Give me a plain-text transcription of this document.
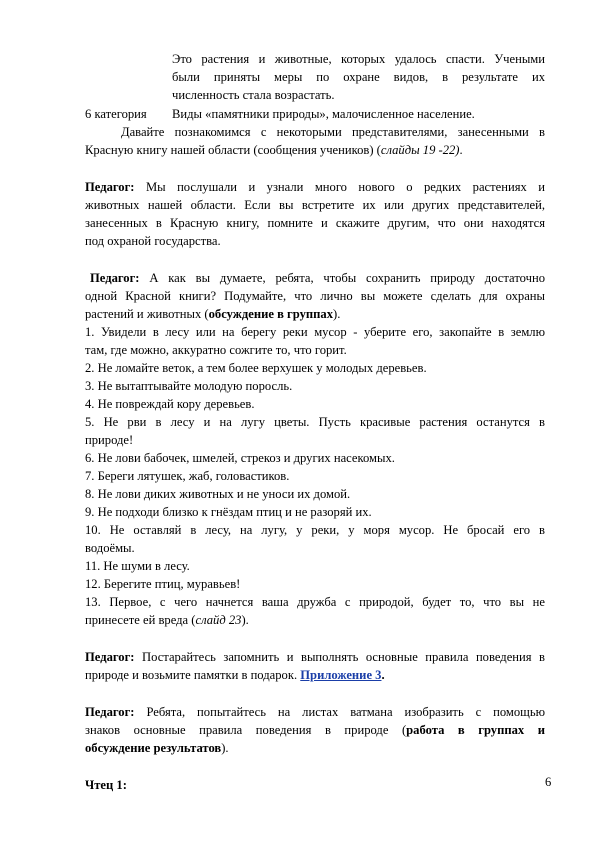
Это растения и животные, которых удалось спасти. Учеными
были приняты меры по охране видов, в результате их
численность стала возрастать.
6 категория Виды «памятники природы», малочисленное население.
Давайте познакомимся с некоторыми представителями, занесенными в
Красную книгу нашей области (сообщения учеников) (слайды 19 -22).
Педагог: Мы послушали и узнали много нового о редких растениях и
животных нашей области. Если вы встретите их или других представителей,
занесенных в Красную книгу, помните и скажите другим, что они находятся
под охраной государства.
Педагог: А как вы думаете, ребята, чтобы сохранить природу достаточно
одной Красной книги? Подумайте, что лично вы можете сделать для охраны
растений и животных (обсуждение в группах).
1. Увидели в лесу или на берегу реки мусор - уберите его, закопайте в землю
там, где можно, аккуратно сожгите то, что горит.
2. Не ломайте веток, а тем более верхушек у молодых деревьев.
3. Не вытаптывайте молодую поросль.
4. Не повреждай кору деревьев.
5. Не рви в лесу и на лугу цветы. Пусть красивые растения останутся в
природе!
6. Не лови бабочек, шмелей, стрекоз и других насекомых.
7. Береги лятушек, жаб, головастиков.
8. Не лови диких животных и не уноси их домой.
9. Не подходи близко к гнёздам птиц и не разоряй их.
10. Не оставляй в лесу, на лугу, у реки, у моря мусор. Не бросай его в
водоёмы.
11. Не шуми в лесу.
12. Берегите птиц, муравьев!
13. Первое, с чего начнется ваша дружба с природой, будет то, что вы не
принесете ей вреда (слайд 23).
Педагог: Постарайтесь запомнить и выполнять основные правила поведения в
природе и возьмите памятки в подарок. Приложение 3.
Педагог: Ребята, попытайтесь на листах ватмана изобразить с помощью
знаков основные правила поведения в природе (работа в группах и
обсуждение результатов).
Чтец 1:	6
